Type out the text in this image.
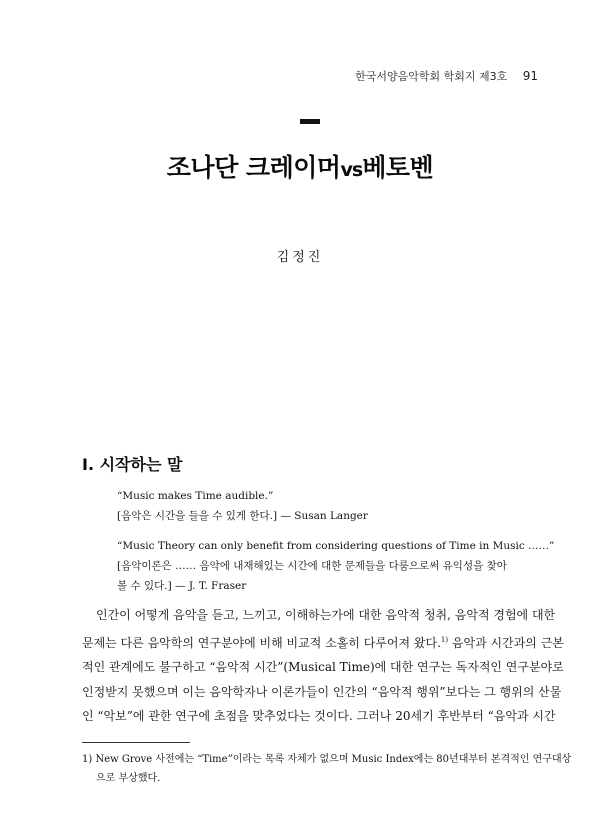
한국서양음악학회 학회지 제3호 91
조나단 크레이머vs베토벤
김정진
I. 시작하는 말
“Music makes Time audible.”
[음악은 시간을 들을 수 있게 한다.] — Susan Langer
“Music Theory can only benefit from considering questions of Time in Music ……”
[음악이론은 …… 음악에 내재해있는 시간에 대한 문제들을 다룸으로써 유익성을 찾아
볼 수 있다.] — J. T. Fraser
인간이 어떻게 음악을 듣고, 느끼고, 이해하는가에 대한 음악적 청취, 음악적 경험에 대한
문제는 다른 음악학의 연구분야에 비해 비교적 소홀히 다루어져 왔다.$^{1)}$ 음악과 시간과의 근본
적인 관계에도 불구하고 “음악적 시간”(Musical Time)에 대한 연구는 독자적인 연구분야로
인정받지 못했으며 이는 음악학자나 이론가들이 인간의 “음악적 행위”보다는 그 행위의 산물
인 “악보”에 관한 연구에 초점을 맞추었다는 것이다. 그러나 20세기 후반부터 “음악과 시간
1) New Grove 사전에는 “Time”이라는 목록 자체가 없으며 Music Index에는 80년대부터 본격적인 연구대상
으로 부상했다.
